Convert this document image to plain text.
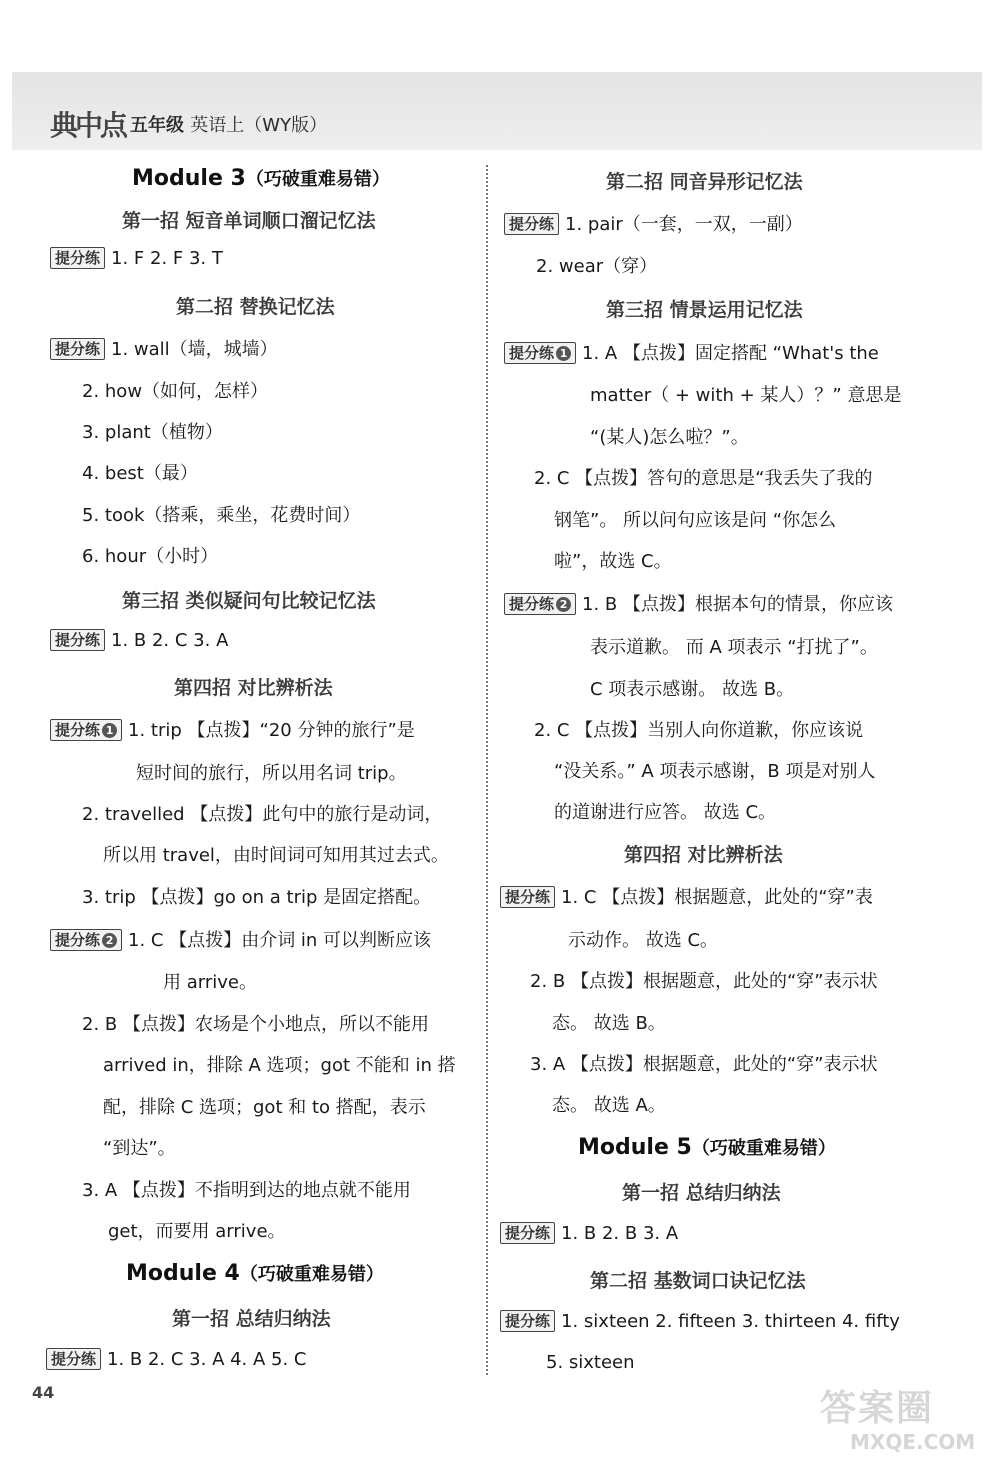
典中点 五年级 英语上（WY版）
Module 3（巧破重难易错）
第一招 短音单词顺口溜记忆法
提分练 1. F 2. F 3. T
第二招 替换记忆法
提分练 1. wall（墙，城墙）
2. how（如何，怎样）
3. plant（植物）
4. best（最）
5. took（搭乘，乘坐，花费时间）
6. hour（小时）
第三招 类似疑问句比较记忆法
提分练 1. B 2. C 3. A
第四招 对比辨析法
提分练 1 1. trip 【点拨】“20 分钟的旅行”是
短时间的旅行，所以用名词 trip。
2. travelled 【点拨】此句中的旅行是动词，
所以用 travel，由时间词可知用其过去式。
3. trip 【点拨】go on a trip 是固定搭配。
提分练 2 1. C 【点拨】由介词 in 可以判断应该
用 arrive。
2. B 【点拨】农场是个小地点，所以不能用
arrived in，排除 A 选项；got 不能和 in 搭
配，排除 C 选项；got 和 to 搭配，表示
“到达”。
3. A 【点拨】不指明到达的地点就不能用
get，而要用 arrive。
Module 4（巧破重难易错）
第一招 总结归纳法
提分练 1. B 2. C 3. A 4. A 5. C
第二招 同音异形记忆法
提分练 1. pair（一套，一双，一副）
2. wear（穿）
第三招 情景运用记忆法
提分练 1 1. A 【点拨】固定搭配 “What's the
matter（ + with + 某人）？” 意思是
“(某人)怎么啦？”。
2. C 【点拨】答句的意思是“我丢失了我的
钢笔”。 所以问句应该是问 “你怎么
啦”，故选 C。
提分练 2 1. B 【点拨】根据本句的情景，你应该
表示道歉。 而 A 项表示 “打扰了”。
C 项表示感谢。 故选 B。
2. C 【点拨】当别人向你道歉，你应该说
“没关系。” A 项表示感谢，B 项是对别人
的道谢进行应答。 故选 C。
第四招 对比辨析法
提分练 1. C 【点拨】根据题意，此处的“穿”表
示动作。 故选 C。
2. B 【点拨】根据题意，此处的“穿”表示状
态。 故选 B。
3. A 【点拨】根据题意，此处的“穿”表示状
态。 故选 A。
Module 5（巧破重难易错）
第一招 总结归纳法
提分练 1. B 2. B 3. A
第二招 基数词口诀记忆法
提分练 1. sixteen 2. fifteen 3. thirteen 4. fifty
5. sixteen
44	答案圈
MXQE.COM
